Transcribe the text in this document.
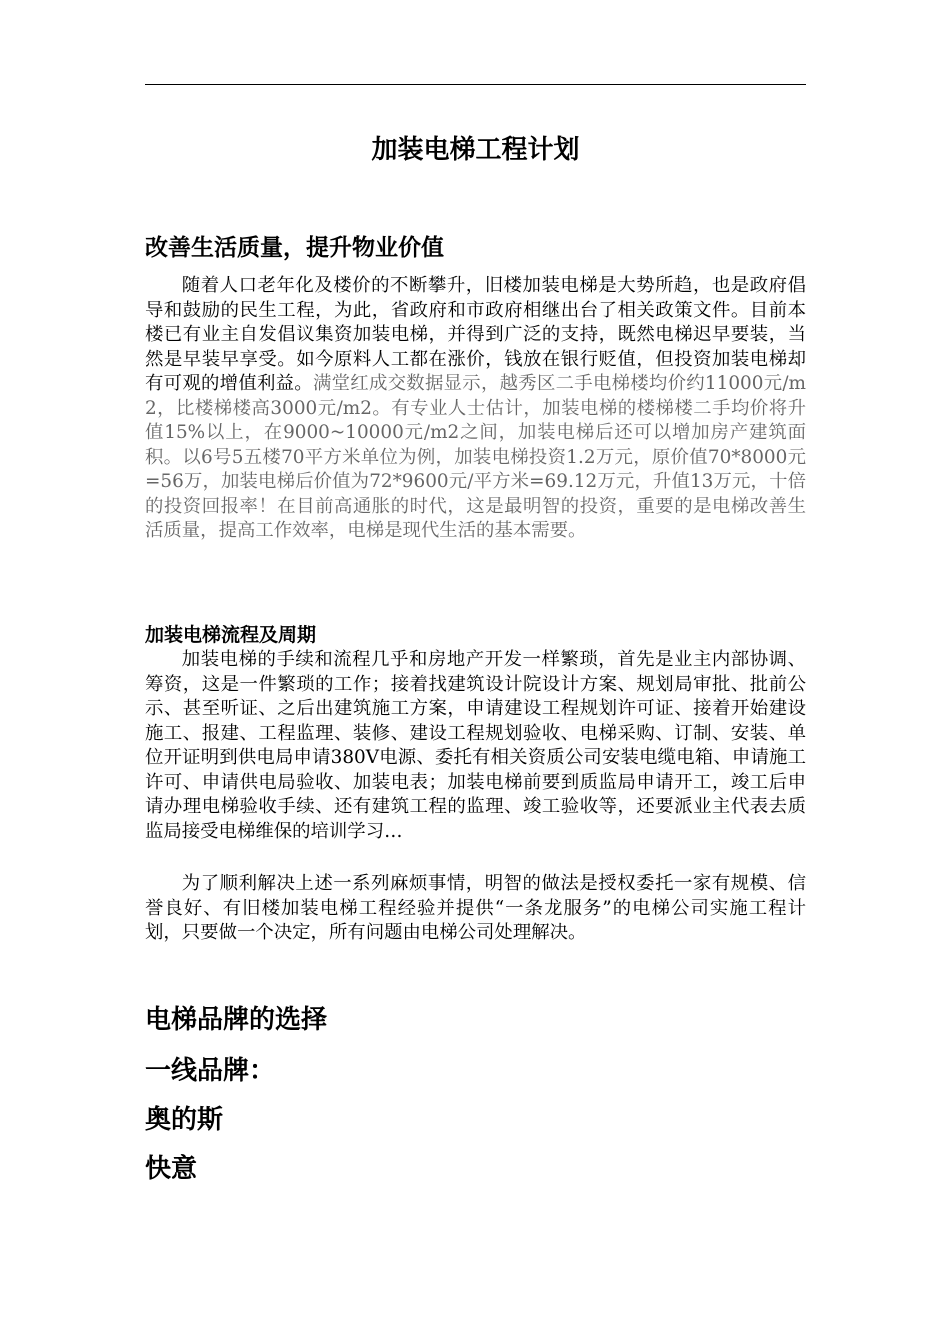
加装电梯工程计划
改善生活质量，提升物业价值

随着人口老年化及楼价的不断攀升，旧楼加装电梯是大势所趋，也是政府倡导和鼓励的民生工程，为此，省政府和市政府相继出台了相关政策文件。目前本楼已有业主自发倡议集资加装电梯，并得到广泛的支持，既然电梯迟早要装，当然是早装早享受。如今原料人工都在涨价，钱放在银行贬值，但投资加装电梯却有可观的增值利益。满堂红成交数据显示，越秀区二手电梯楼均价约11000元/m2，比楼梯楼高3000元/m2。有专业人士估计，加装电梯的楼梯楼二手均价将升值15%以上，在9000~10000元/m2之间，加装电梯后还可以增加房产建筑面积。以6号5五楼70平方米单位为例，加装电梯投资1.2万元，原价值70*8000元=56万，加装电梯后价值为72*9600元/平方米=69.12万元，升值13万元，十倍的投资回报率！在目前高通胀的时代，这是最明智的投资，重要的是电梯改善生活质量，提高工作效率，电梯是现代生活的基本需要。

加装电梯流程及周期

加装电梯的手续和流程几乎和房地产开发一样繁琐，首先是业主内部协调、筹资，这是一件繁琐的工作；接着找建筑设计院设计方案、规划局审批、批前公示、甚至听证、之后出建筑施工方案，申请建设工程规划许可证、接着开始建设施工、报建、工程监理、装修、建设工程规划验收、电梯采购、订制、安装、单位开证明到供电局申请380V电源、委托有相关资质公司安装电缆电箱、申请施工许可、申请供电局验收、加装电表；加装电梯前要到质监局申请开工，竣工后申请办理电梯验收手续、还有建筑工程的监理、竣工验收等，还要派业主代表去质监局接受电梯维保的培训学习…

为了顺利解决上述一系列麻烦事情，明智的做法是授权委托一家有规模、信誉良好、有旧楼加装电梯工程经验并提供“一条龙服务”的电梯公司实施工程计划，只要做一个决定，所有问题由电梯公司处理解决。

电梯品牌的选择
一线品牌：
奥的斯
快意
